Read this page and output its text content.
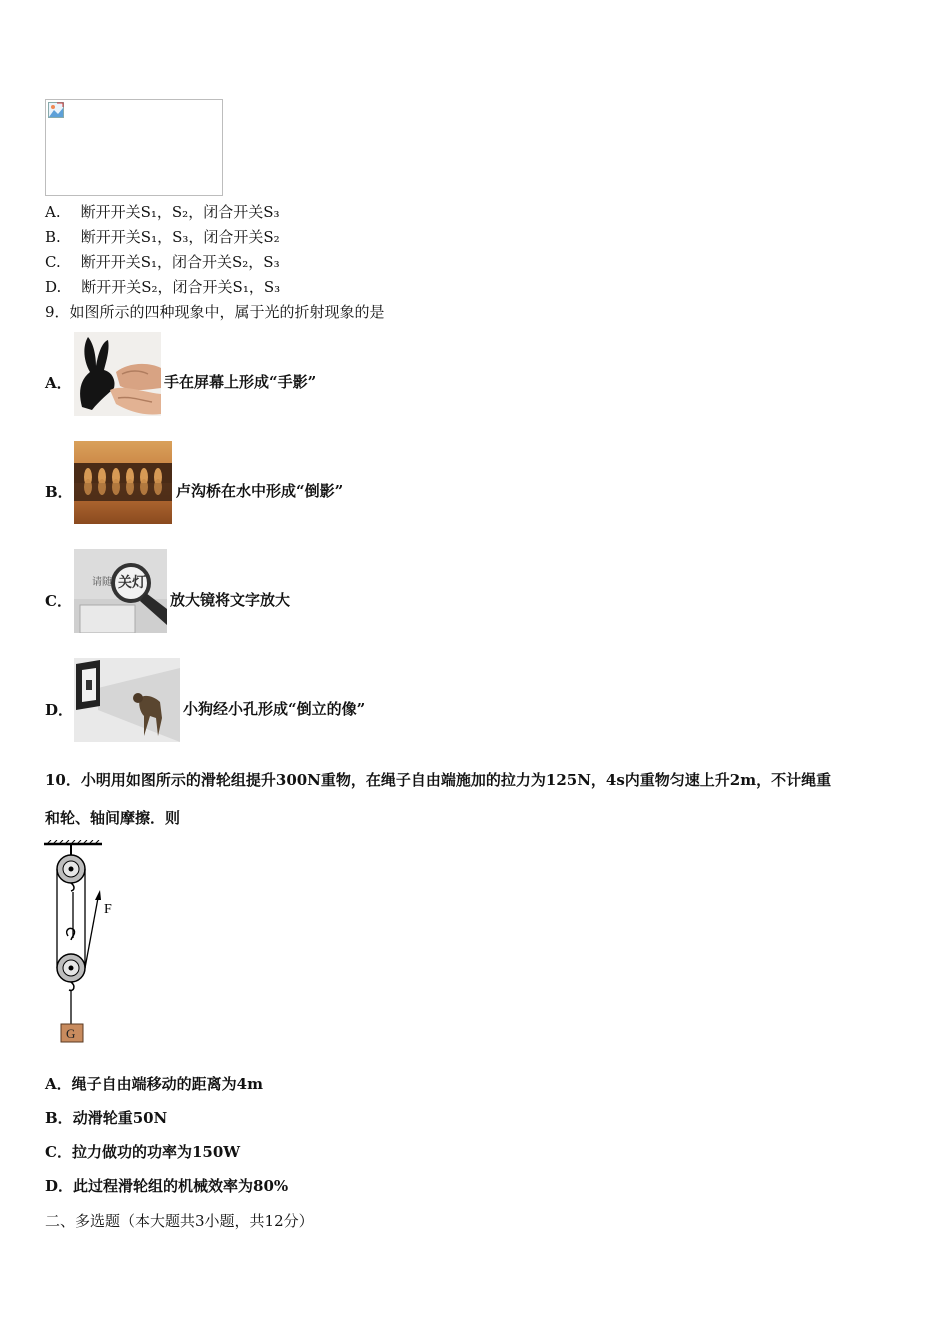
A. 断开开关S₁，S₂，闭合开关S₃
B. 断开开关S₁，S₃，闭合开关S₂
C. 断开开关S₁，闭合开关S₂，S₃
D. 断开开关S₂，闭合开关S₁，S₃
9．如图所示的四种现象中，属于光的折射现象的是
A．	手在屏幕上形成“手影”
B．	卢沟桥在水中形成“倒影”
C．
请随 关灯
放大镜将文字放大
D．	小狗经小孔形成“倒立的像”
10．小明用如图所示的滑轮组提升300N重物，在绳子自由端施加的拉力为125N，4s内重物匀速上升2m，不计绳重
和轮、轴间摩擦．则
F
G
A．绳子自由端移动的距离为4m
B．动滑轮重50N
C．拉力做功的功率为150W
D．此过程滑轮组的机械效率为80%
二、多选题（本大题共3小题，共12分）
